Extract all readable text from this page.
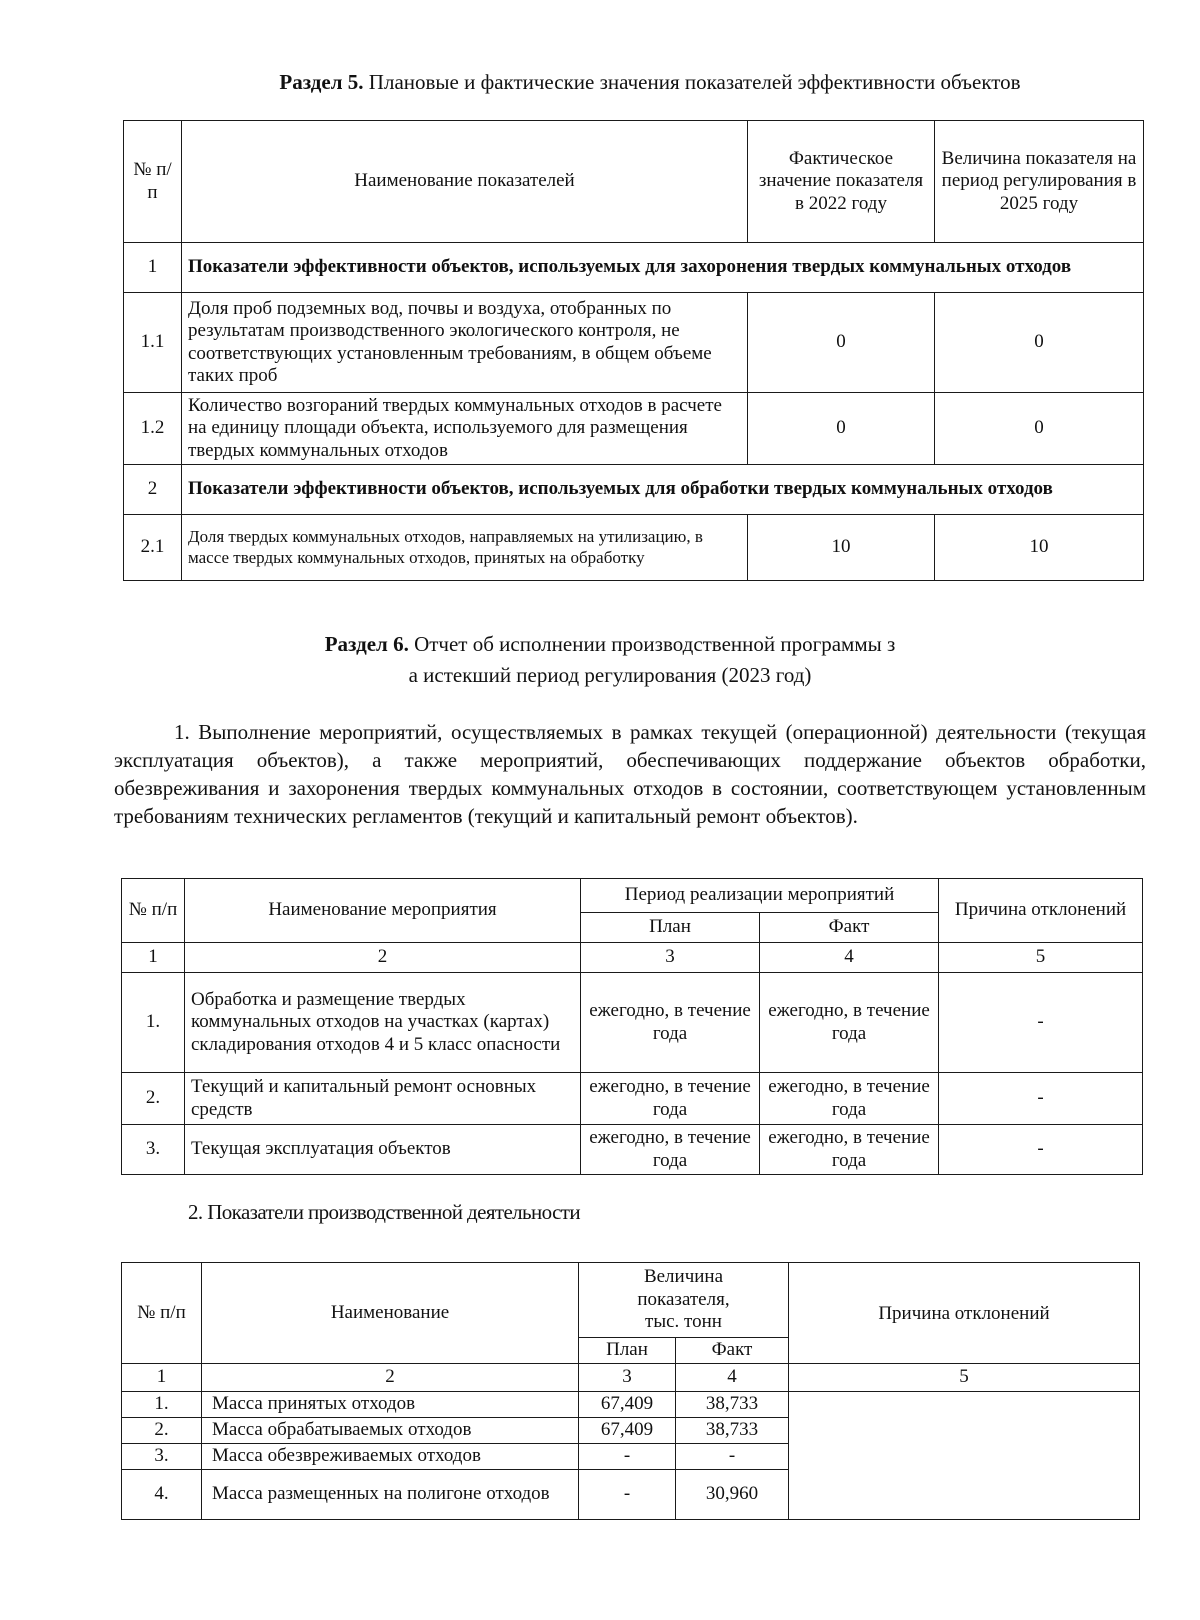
Раздел 5. Плановые и фактические значения показателей эффективности объектов
№ п/п	Наименование показателей	Фактическое значение показателя в 2022 году	Величина показателя на период регулирования в 2025 году
1	Показатели эффективности объектов, используемых для захоронения твердых коммунальных отходов		
1.1	Доля проб подземных вод, почвы и воздуха, отобранных по результатам производственного экологического контроля, не соответствующих установленным требованиям, в общем объеме таких проб	0	0
1.2	Количество возгораний твердых коммунальных отходов в расчете на единицу площади объекта, используемого для размещения твердых коммунальных отходов	0	0
2	Показатели эффективности объектов, используемых для обработки твердых коммунальных отходов		
2.1	Доля твердых коммунальных отходов, направляемых на утилизацию, в массе твердых коммунальных отходов, принятых на обработку	10	10
Раздел 6. Отчет об исполнении производственной программы з
а истекший период регулирования (2023 год)
1. Выполнение мероприятий, осуществляемых в рамках текущей (операционной) деятельности (текущая эксплуатация объектов), а также мероприятий, обеспечивающих поддержание объектов обработки, обезвреживания и захоронения твердых коммунальных отходов в состоянии, соответствующем установленным требованиям технических регламентов (текущий и капитальный ремонт объектов).
№ п/п	Наименование мероприятия	Период реализации мероприятий		Причина отклонений
		План	Факт	
1	2	3	4	5
1.	Обработка и размещение твердых коммунальных отходов на участках (картах) складирования отходов 4 и 5 класс опасности	ежегодно, в течение года	ежегодно, в течение года	-
2.	Текущий и капитальный ремонт основных средств	ежегодно, в течение года	ежегодно, в течение года	-
3.	Текущая эксплуатация объектов	ежегодно, в течение года	ежегодно, в течение года	-
2. Показатели производственной деятельности
№ п/п	Наименование	Величина показателя, тыс. тонн		Причина отклонений
		План	Факт	
1	2	3	4	5
1.	Масса принятых отходов	67,409	38,733	
2.	Масса обрабатываемых отходов	67,409	38,733	
3.	Масса обезвреживаемых отходов	-	-	
4.	Масса размещенных на полигоне отходов	-	30,960	
